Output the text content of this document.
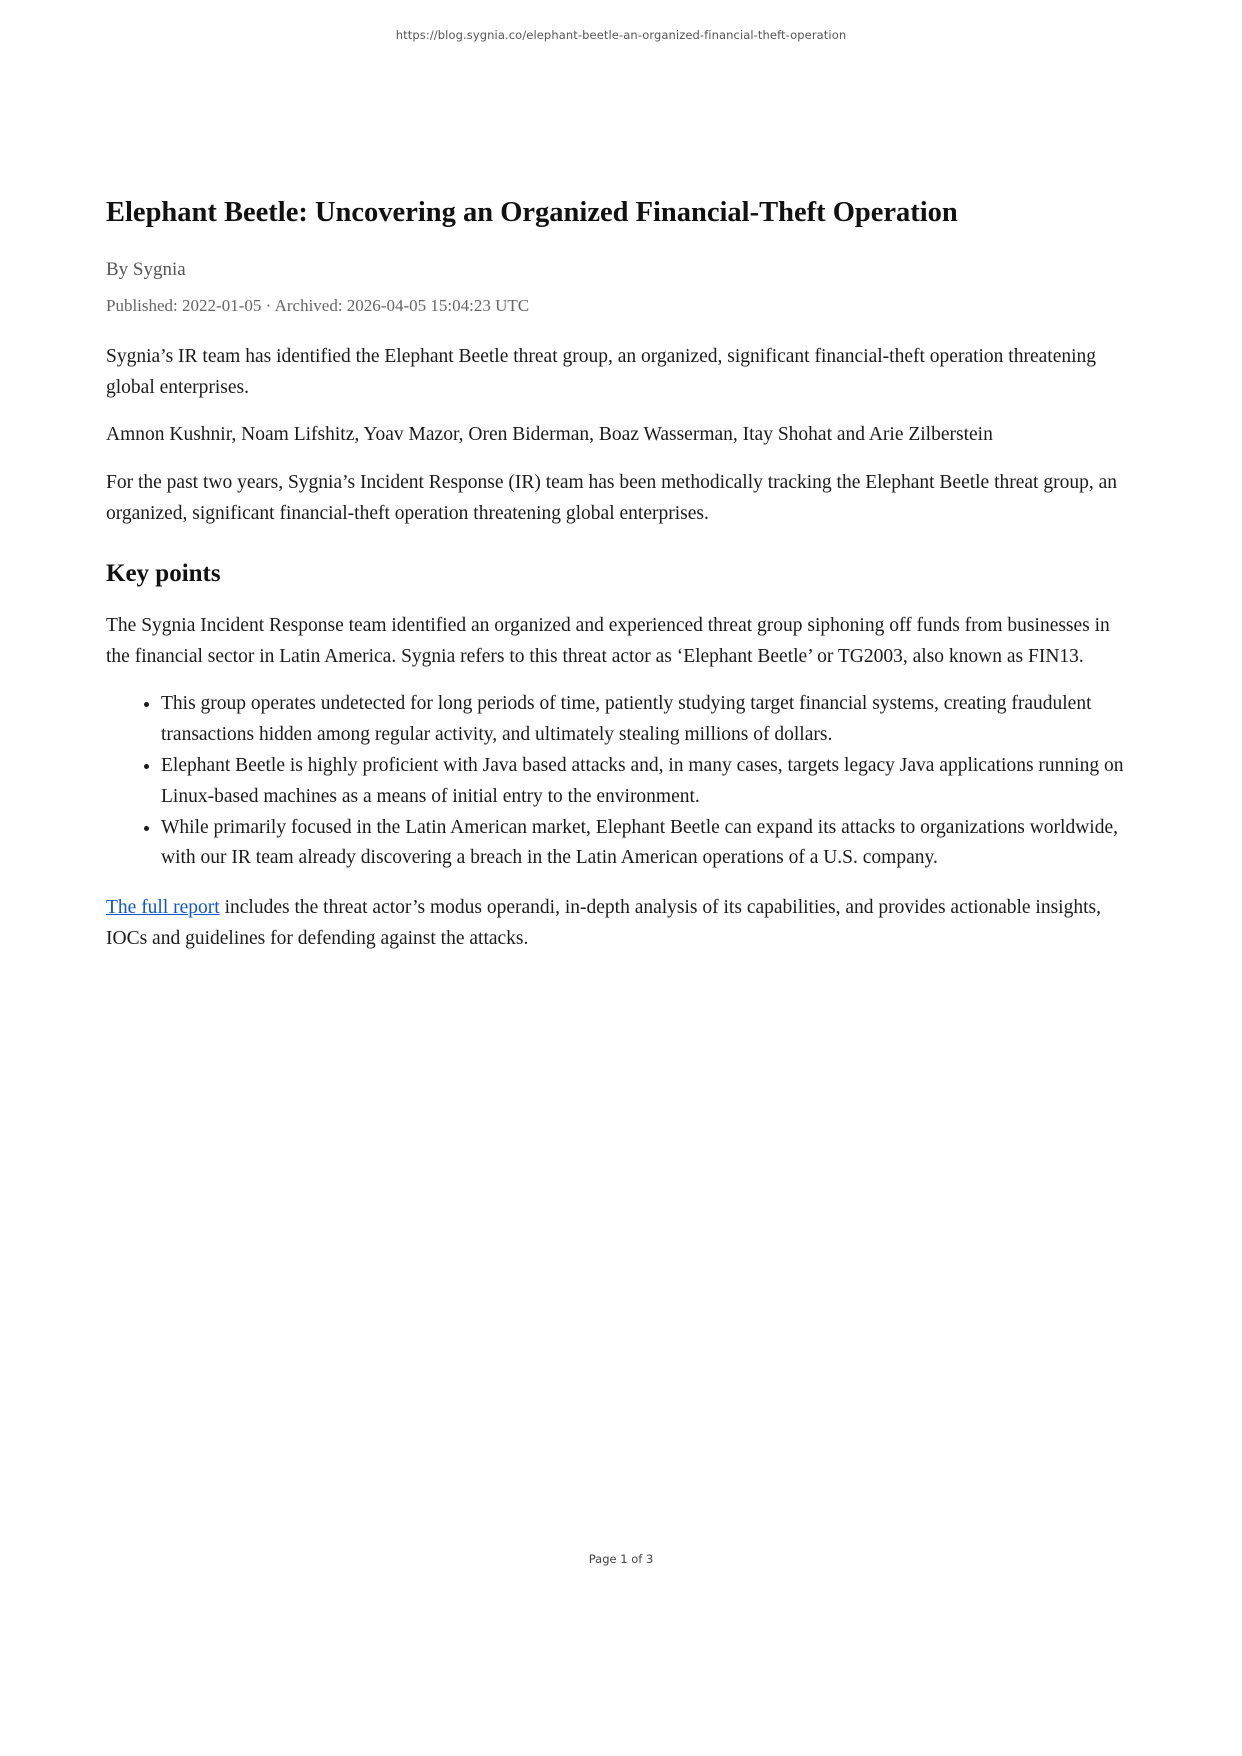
https://blog.sygnia.co/elephant-beetle-an-organized-financial-theft-operation
Elephant Beetle: Uncovering an Organized Financial-Theft Operation
By Sygnia
Published: 2022-01-05 · Archived: 2026-04-05 15:04:23 UTC

Sygnia’s IR team has identified the Elephant Beetle threat group, an organized, significant financial-theft operation threatening global enterprises.

Amnon Kushnir, Noam Lifshitz, Yoav Mazor, Oren Biderman, Boaz Wasserman, Itay Shohat and Arie Zilberstein

For the past two years, Sygnia’s Incident Response (IR) team has been methodically tracking the Elephant Beetle threat group, an organized, significant financial-theft operation threatening global enterprises.

Key points

The Sygnia Incident Response team identified an organized and experienced threat group siphoning off funds from businesses in the financial sector in Latin America. Sygnia refers to this threat actor as ‘Elephant Beetle’ or TG2003, also known as FIN13.

• This group operates undetected for long periods of time, patiently studying target financial systems, creating fraudulent transactions hidden among regular activity, and ultimately stealing millions of dollars.
• Elephant Beetle is highly proficient with Java based attacks and, in many cases, targets legacy Java applications running on Linux-based machines as a means of initial entry to the environment.
• While primarily focused in the Latin American market, Elephant Beetle can expand its attacks to organizations worldwide, with our IR team already discovering a breach in the Latin American operations of a U.S. company.

The full report includes the threat actor’s modus operandi, in-depth analysis of its capabilities, and provides actionable insights, IOCs and guidelines for defending against the attacks.

Page 1 of 3
